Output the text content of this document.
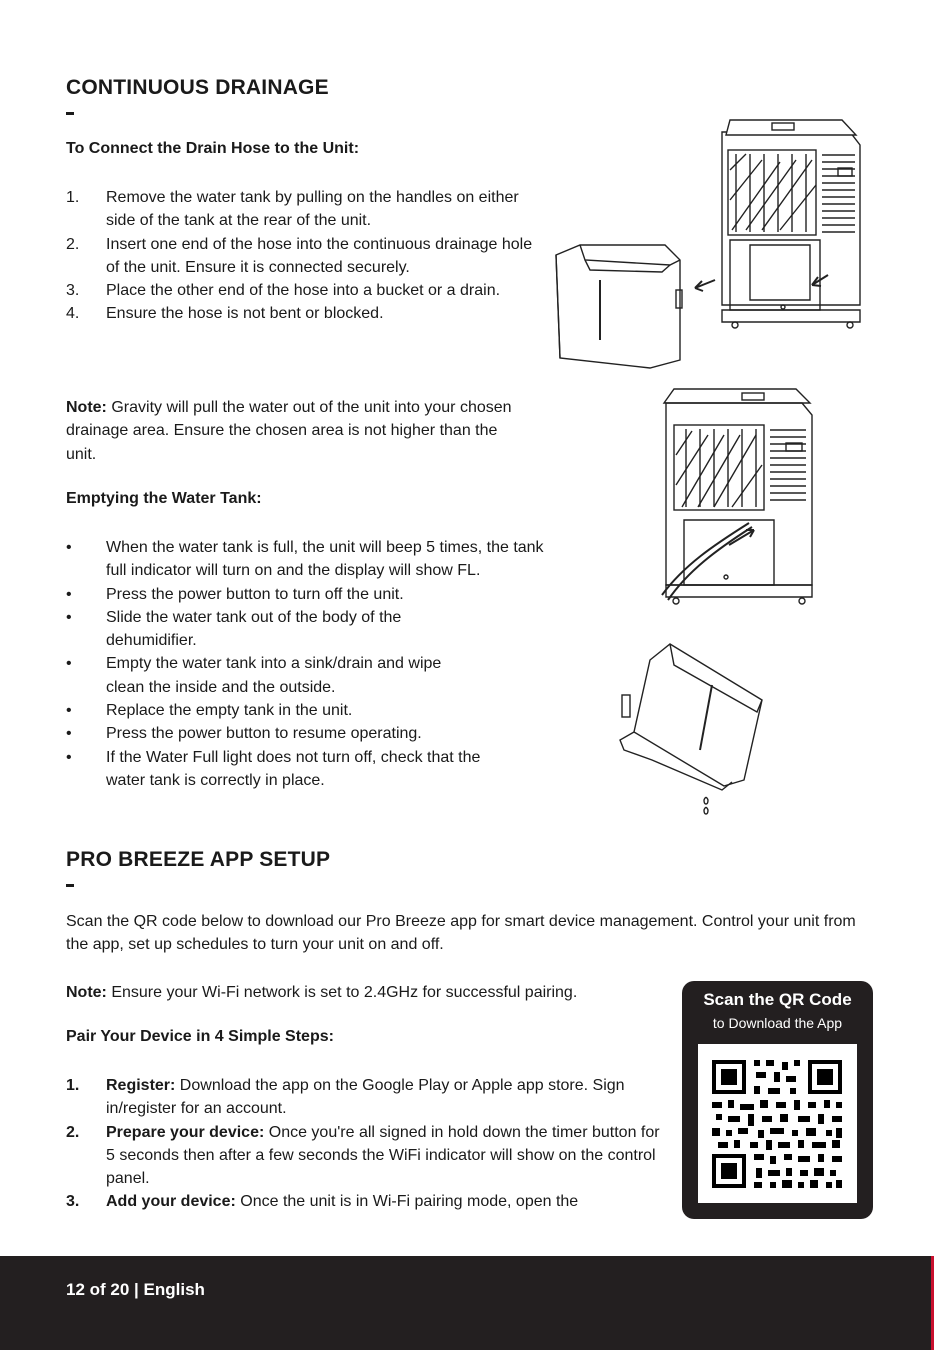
CONTINUOUS DRAINAGE
To Connect the Drain Hose to the Unit:
1. Remove the water tank by pulling on the handles on either side of the tank at the rear of the unit.
2. Insert one end of the hose into the continuous drainage hole of the unit. Ensure it is connected securely.
3. Place the other end of the hose into a bucket or a drain.
4. Ensure the hose is not bent or blocked.
Note: Gravity will pull the water out of the unit into your chosen drainage area. Ensure the chosen area is not higher than the unit.
Emptying the Water Tank:
• When the water tank is full, the unit will beep 5 times, the tank full indicator will turn on and the display will show FL.
• Press the power button to turn off the unit.
• Slide the water tank out of the body of the dehumidifier.
• Empty the water tank into a sink/drain and wipe clean the inside and the outside.
• Replace the empty tank in the unit.
• Press the power button to resume operating.
• If the Water Full light does not turn off, check that the water tank is correctly in place.
PRO BREEZE APP SETUP
Scan the QR code below to download our Pro Breeze app for smart device management. Control your unit from the app, set up schedules to turn your unit on and off.
Note: Ensure your Wi-Fi network is set to 2.4GHz for successful pairing.
Pair Your Device in 4 Simple Steps:
1. Register: Download the app on the Google Play or Apple app store. Sign in/register for an account.
2. Prepare your device: Once you're all signed in hold down the timer button for 5 seconds then after a few seconds the WiFi indicator will show on the control panel.
3. Add your device: Once the unit is in Wi-Fi pairing mode, open the
Scan the QR Code
to Download the App
12 of 20 | English
